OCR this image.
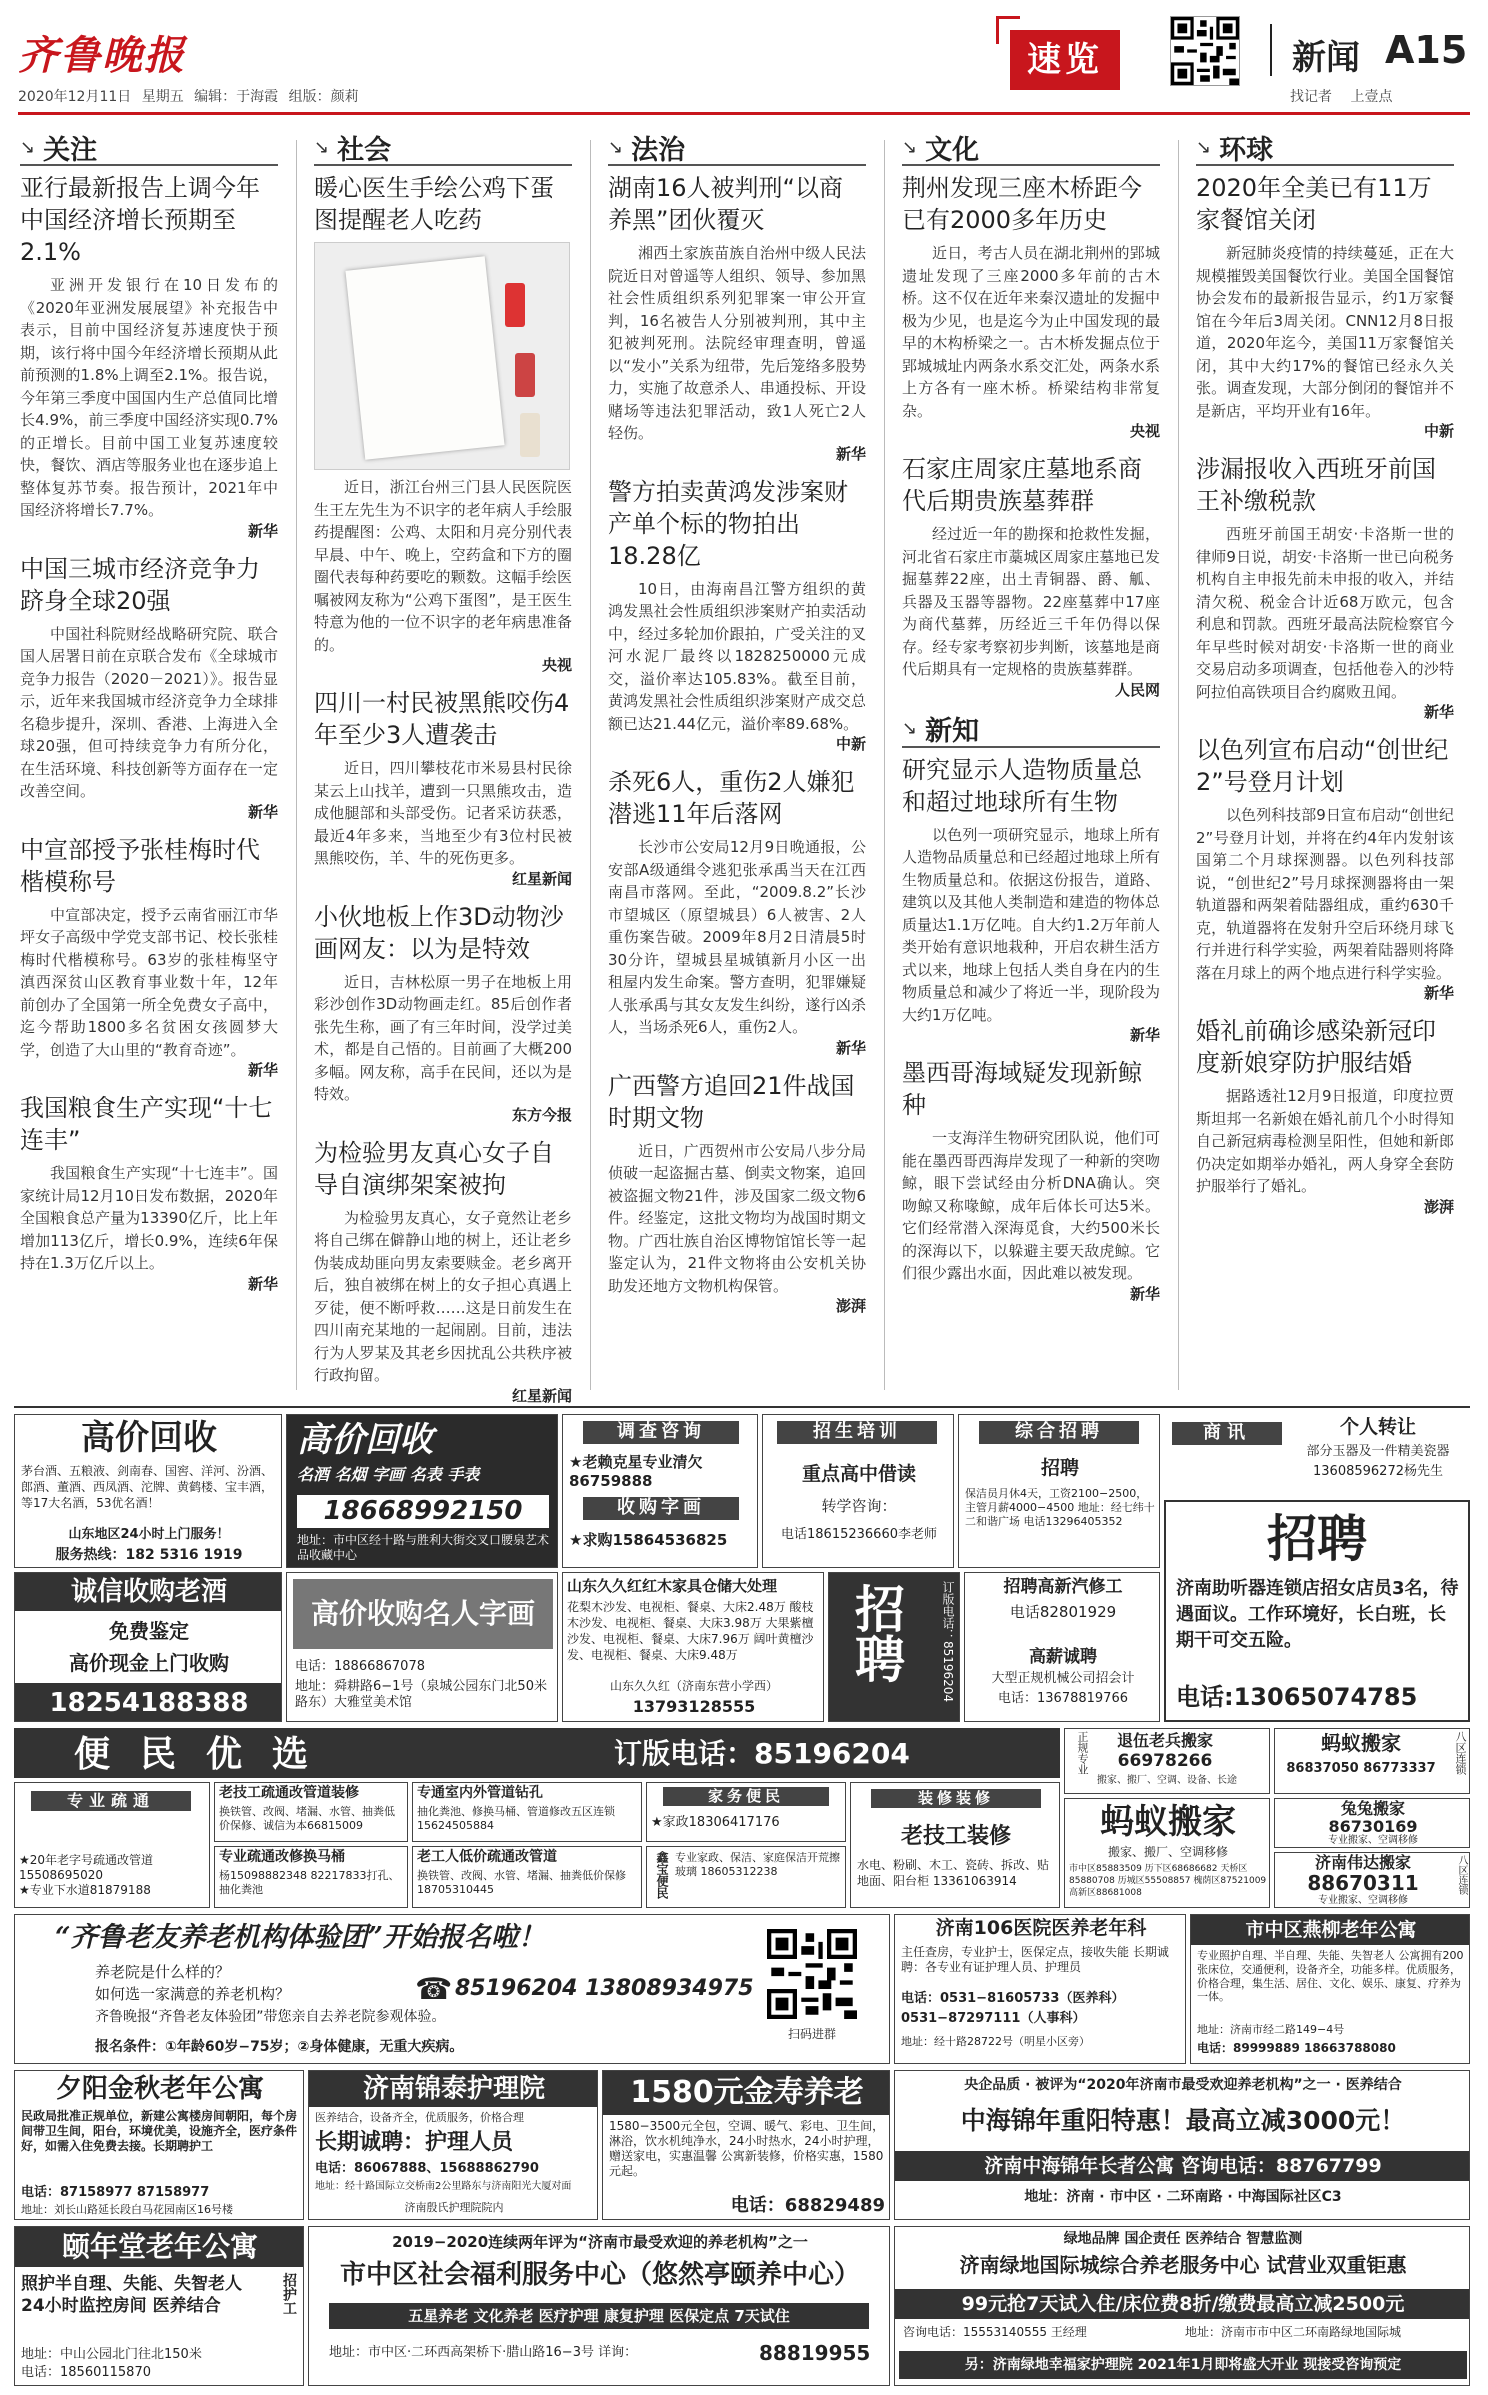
齐鲁晚报
2020年12月11日 星期五 编辑：于海霞 组版：颜莉
速览	新闻 A15
找记者 上壹点
↘ 关注
亚行最新报告上调今年中国经济增长预期至2.1%

亚洲开发银行在10日发布的《2020年亚洲发展展望》补充报告中表示，目前中国经济复苏速度快于预期，该行将中国今年经济增长预期从此前预测的1.8%上调至2.1%。报告说，今年第三季度中国国内生产总值同比增长4.9%，前三季度中国经济实现0.7%的正增长。目前中国工业复苏速度较快，餐饮、酒店等服务业也在逐步追上整体复苏节奏。报告预计，2021年中国经济将增长7.7%。

新华
中国三城市经济竞争力跻身全球20强

中国社科院财经战略研究院、联合国人居署日前在京联合发布《全球城市竞争力报告（2020－2021）》。报告显示，近年来我国城市经济竞争力全球排名稳步提升，深圳、香港、上海进入全球20强，但可持续竞争力有所分化，在生活环境、科技创新等方面存在一定改善空间。

新华
中宣部授予张桂梅时代楷模称号

中宣部决定，授予云南省丽江市华坪女子高级中学党支部书记、校长张桂梅时代楷模称号。63岁的张桂梅坚守滇西深贫山区教育事业数十年，12年前创办了全国第一所全免费女子高中，迄今帮助1800多名贫困女孩圆梦大学，创造了大山里的“教育奇迹”。

新华
我国粮食生产实现“十七连丰”

我国粮食生产实现“十七连丰”。国家统计局12月10日发布数据，2020年全国粮食总产量为13390亿斤，比上年增加113亿斤，增长0.9%，连续6年保持在1.3万亿斤以上。

新华
↘ 社会
暖心医生手绘公鸡下蛋图提醒老人吃药

近日，浙江台州三门县人民医院医生王左先生为不识字的老年病人手绘服药提醒图：公鸡、太阳和月亮分别代表早晨、中午、晚上，空药盒和下方的圈圈代表每种药要吃的颗数。这幅手绘医嘱被网友称为“公鸡下蛋图”，是王医生特意为他的一位不识字的老年病患准备的。

央视
四川一村民被黑熊咬伤4年至少3人遭袭击

近日，四川攀枝花市米易县村民徐某云上山找羊，遭到一只黑熊攻击，造成他腿部和头部受伤。记者采访获悉，最近4年多来，当地至少有3位村民被黑熊咬伤，羊、牛的死伤更多。

红星新闻
小伙地板上作3D动物沙画网友：以为是特效

近日，吉林松原一男子在地板上用彩沙创作3D动物画走红。85后创作者张先生称，画了有三年时间，没学过美术，都是自己悟的。目前画了大概200多幅。网友称，高手在民间，还以为是特效。

东方今报
为检验男友真心女子自导自演绑架案被拘

为检验男友真心，女子竟然让老乡将自己绑在僻静山地的树上，还让老乡伪装成劫匪向男友索要赎金。老乡离开后，独自被绑在树上的女子担心真遇上歹徒，便不断呼救……这是日前发生在四川南充某地的一起闹剧。目前，违法行为人罗某及其老乡因扰乱公共秩序被行政拘留。

红星新闻
↘ 法治
湖南16人被判刑“以商养黑”团伙覆灭

湘西土家族苗族自治州中级人民法院近日对曾遥等人组织、领导、参加黑社会性质组织系列犯罪案一审公开宣判，16名被告人分别被判刑，其中主犯被判死刑。法院经审理查明，曾遥以“发小”关系为纽带，先后笼络多股势力，实施了故意杀人、串通投标、开设赌场等违法犯罪活动，致1人死亡2人轻伤。

新华
警方拍卖黄鸿发涉案财产单个标的物拍出18.28亿

10日，由海南昌江警方组织的黄鸿发黑社会性质组织涉案财产拍卖活动中，经过多轮加价跟拍，广受关注的叉河水泥厂最终以1828250000元成交，溢价率达105.83%。截至目前，黄鸿发黑社会性质组织涉案财产成交总额已达21.44亿元，溢价率89.68%。

中新
杀死6人，重伤2人嫌犯潜逃11年后落网

长沙市公安局12月9日晚通报，公安部A级通缉令逃犯张承禹当天在江西南昌市落网。至此，“2009.8.2”长沙市望城区（原望城县）6人被害、2人重伤案告破。2009年8月2日清晨5时30分许，望城县星城镇新月小区一出租屋内发生命案。警方查明，犯罪嫌疑人张承禹与其女友发生纠纷，遂行凶杀人，当场杀死6人，重伤2人。

新华
广西警方追回21件战国时期文物

近日，广西贺州市公安局八步分局侦破一起盗掘古墓、倒卖文物案，追回被盗掘文物21件，涉及国家二级文物6件。经鉴定，这批文物均为战国时期文物。广西壮族自治区博物馆馆长等一起鉴定认为，21件文物将由公安机关协助发还地方文物机构保管。

澎湃
↘ 文化
荆州发现三座木桥距今已有2000多年历史

近日，考古人员在湖北荆州的郢城遗址发现了三座2000多年前的古木桥。这不仅在近年来秦汉遗址的发掘中极为少见，也是迄今为止中国发现的最早的木构桥梁之一。古木桥发掘点位于郢城城址内两条水系交汇处，两条水系上方各有一座木桥。桥梁结构非常复杂。

央视
石家庄周家庄墓地系商代后期贵族墓葬群

经过近一年的勘探和抢救性发掘，河北省石家庄市藁城区周家庄墓地已发掘墓葬22座，出土青铜器、爵、觚、兵器及玉器等器物。22座墓葬中17座为商代墓葬，历经近三千年仍得以保存。经专家考察初步判断，该墓地是商代后期具有一定规格的贵族墓葬群。

人民网
↘ 新知
研究显示人造物质量总和超过地球所有生物

以色列一项研究显示，地球上所有人造物品质量总和已经超过地球上所有生物质量总和。依据这份报告，道路、建筑以及其他人类制造和建造的物体总质量达1.1万亿吨。自大约1.2万年前人类开始有意识地栽种，开启农耕生活方式以来，地球上包括人类自身在内的生物质量总和减少了将近一半，现阶段为大约1万亿吨。

新华
墨西哥海域疑发现新鲸种

一支海洋生物研究团队说，他们可能在墨西哥西海岸发现了一种新的突吻鲸，眼下尝试经由分析DNA确认。突吻鲸又称喙鲸，成年后体长可达5米。它们经常潜入深海觅食，大约500米长的深海以下，以躲避主要天敌虎鲸。它们很少露出水面，因此难以被发现。

新华
↘ 环球
2020年全美已有11万家餐馆关闭

新冠肺炎疫情的持续蔓延，正在大规模摧毁美国餐饮行业。美国全国餐馆协会发布的最新报告显示，约1万家餐馆在今年后3周关闭。CNN12月8日报道，2020年迄今，美国11万家餐馆关闭，其中大约17%的餐馆已经永久关张。调查发现，大部分倒闭的餐馆并不是新店，平均开业有16年。

中新
涉漏报收入西班牙前国王补缴税款

西班牙前国王胡安·卡洛斯一世的律师9日说，胡安·卡洛斯一世已向税务机构自主申报先前未申报的收入，并结清欠税、税金合计近68万欧元，包含利息和罚款。西班牙最高法院检察官今年早些时候对胡安·卡洛斯一世的商业交易启动多项调查，包括他卷入的沙特阿拉伯高铁项目合约腐败丑闻。

新华
以色列宣布启动“创世纪2”号登月计划

以色列科技部9日宣布启动“创世纪2”号登月计划，并将在约4年内发射该国第二个月球探测器。以色列科技部说，“创世纪2”号月球探测器将由一架轨道器和两架着陆器组成，重约630千克，轨道器将在发射升空后环绕月球飞行并进行科学实验，两架着陆器则将降落在月球上的两个地点进行科学实验。

新华
婚礼前确诊感染新冠印度新娘穿防护服结婚

据路透社12月9日报道，印度拉贾斯坦邦一名新娘在婚礼前几个小时得知自己新冠病毒检测呈阳性，但她和新郎仍决定如期举办婚礼，两人身穿全套防护服举行了婚礼。

澎湃
高价回收
茅台酒、五粮液、剑南春、国窖、洋河、汾酒、郎酒、董酒、西凤酒、沱牌、黄鹤楼、宝丰酒，等17大名酒，53优名酒！
山东地区24小时上门服务！
服务热线：182 5316 1919
高价回收
名酒 名烟 字画 名表 手表
18668992150
地址：市中区经十路与胜利大街交叉口腰泉艺术品收藏中心
调查咨询
★老赖克星专业清欠 86759888
收购字画
★求购15864536825
招生培训
重点高中借读
转学咨询：
电话18615236660李老师
综合招聘
招聘
保洁员月休4天，工资2100−2500，主管月薪4000−4500 地址：经七纬十二和谐广场 电话13296405352
商讯	个人转让
部分玉器及一件精美瓷器
13608596272杨先生
诚信收购老酒
免费鉴定
高价现金上门收购
18254188388
高价收购名人字画
电话：18866867078
地址：舜耕路6−1号（泉城公园东门北50米路东）大雅堂美术馆
山东久久红红木家具仓储大处理
花梨木沙发、电视柜、餐桌、大床2.48万 酸枝木沙发、电视柜、餐桌、大床3.98万 大果紫檀沙发、电视柜、餐桌、大床7.96万 阔叶黄檀沙发、电视柜、餐桌、大床9.48万
山东久久红（济南东营小学西）
13793128555
招聘	订版电话：85196204	招聘高新汽修工
电话82801929
高薪诚聘
大型正规机械公司招会计
电话：13678819766
招聘
济南助听器连锁店招女店员3名，待遇面议。工作环境好，长白班，长期干可交五险。
电话:13065074785
便民优选	订版电话：85196204	退伍老兵搬家
66978266
搬家、搬厂、空调、设备、长途
正规专业	蚂蚁搬家
86837050 86773337	八区连锁
专业疏通
★20年老字号疏通改管道 15508695020
★专业下水道81879188
老技工疏通改管道装修
换铁管、改阀、堵漏、水管、抽粪低价保修、诚信为本66815009
专通室内外管道钻孔
抽化粪池、修换马桶、管道修改五区连锁 15624505884
专业疏通改修换马桶
杨15098882348 82217833打孔、抽化粪池
老工人低价疏通改管道
换铁管、改阀、水管、堵漏、抽粪低价保修 18705310445
家务便民
★家政18306417176
鑫宝便民 专业家政、保洁、家庭保洁开荒擦玻璃 18605312238
装修装修
老技工装修
水电、粉刷、木工、瓷砖、拆改、贴地面、阳台柜 13361063914
蚂蚁搬家
搬家、搬厂、空调移修
市中区85883509 历下区68686682 天桥区85880708 历城区55508857 槐荫区87521009 高新区88681008
兔兔搬家
86730169
专业搬家、空调移修
济南伟达搬家
88670311
专业搬家、空调移修
八区连锁
“齐鲁老友养老机构体验团”开始报名啦！
养老院是什么样的？
如何选一家满意的养老机构？
齐鲁晚报“齐鲁老友体验团”带您亲自去养老院参观体验。
☎ 85196204 13808934975
报名条件：①年龄60岁−75岁；②身体健康，无重大疾病。
扫码进群
济南106医院医养老年科
主任查房，专业护士，医保定点，接收失能 长期诚聘：各专业有证护理人员、护理员
电话：0531−81605733（医养科）
0531−87297111（人事科）
地址：经十路28722号（明星小区旁）
市中区燕柳老年公寓
专业照护自理、半自理、失能、失智老人 公寓拥有200张床位，交通便利，设备齐全，功能多样。优质服务，价格合理，集生活、居住、文化、娱乐、康复、疗养为一体。
地址：济南市经二路149−4号
电话：89999889 18663788080
夕阳金秋老年公寓
民政局批准正规单位，新建公寓楼房间朝阳，每个房间带卫生间，阳台，环境优美，设施齐全，医疗条件好，如需入住免费去接。长期聘护工
电话：87158977 87158977
地址：刘长山路延长段白马花园南区16号楼
济南锦泰护理院
医养结合，设备齐全，优质服务，价格合理
长期诚聘：护理人员
电话：86067888、15688862790
地址：经十路国际立交桥南2公里路东与济南阳光大厦对面
济南殷氏护理院院内
1580元金寿养老
1580−3500元全包，空调、暖气、彩电、卫生间，淋浴，饮水机纯净水，24小时热水，24小时护理，赠送家电，实惠温馨 公寓新装修，价格实惠，1580元起。
电话：68829489
央企品质 · 被评为“2020年济南市最受欢迎养老机构”之一 · 医养结合
中海锦年重阳特惠！最高立减3000元！
济南中海锦年长者公寓 咨询电话：88767799
地址：济南 · 市中区 · 二环南路 · 中海国际社区C3
颐年堂老年公寓
照护半自理、失能、失智老人 24小时监控房间 医养结合	招护工
地址：中山公园北门往北150米
电话：18560115870
2019−2020连续两年评为“济南市最受欢迎的养老机构”之一
市中区社会福利服务中心（悠然亭颐养中心）
五星养老 文化养老 医疗护理 康复护理 医保定点 7天试住
地址：市中区·二环西高架桥下·腊山路16−3号 详询：	88819955
绿地品牌 国企责任 医养结合 智慧监测
济南绿地国际城综合养老服务中心 试营业双重钜惠
99元抢7天试入住/床位费8折/缴费最高立减2500元
咨询电话：15553140555 王经理	地址：济南市市中区二环南路绿地国际城
另：济南绿地幸福家护理院 2021年1月即将盛大开业 现接受咨询预定
